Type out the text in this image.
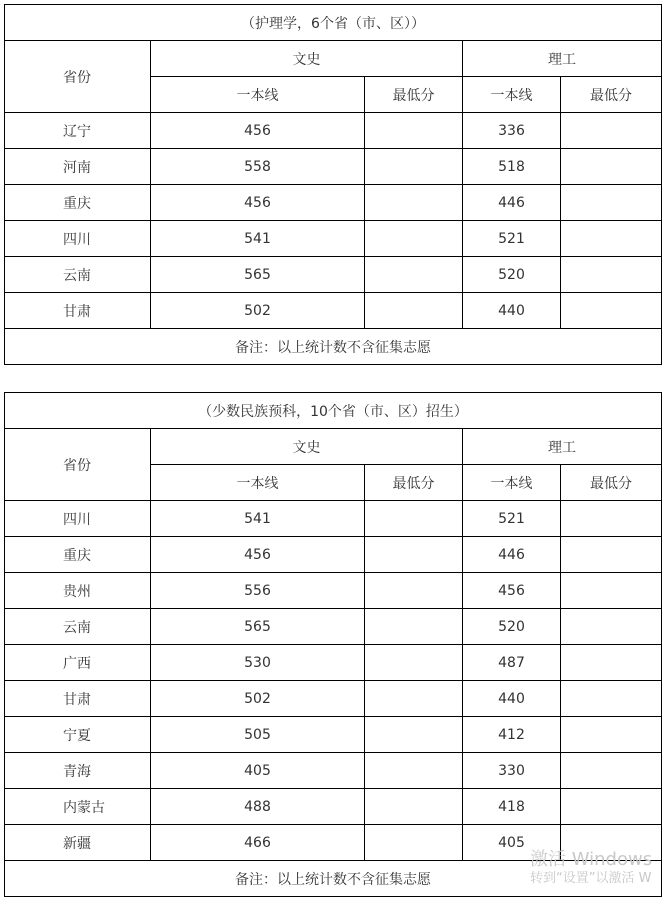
（护理学，6个省（市、区））				
省份	文史		理工	
	一本线	最低分	一本线	最低分
辽宁	456		336	
河南	558		518	
重庆	456		446	
四川	541		521	
云南	565		520	
甘肃	502		440	
备注：以上统计数不含征集志愿				
（少数民族预科，10个省（市、区）招生）				
省份	文史		理工	
	一本线	最低分	一本线	最低分
四川	541		521	
重庆	456		446	
贵州	556		456	
云南	565		520	
广西	530		487	
甘肃	502		440	
宁夏	505		412	
青海	405		330	
内蒙古	488		418	
新疆	466		405	
备注：以上统计数不含征集志愿				
激活 Windows
转到“设置”以激活 W
